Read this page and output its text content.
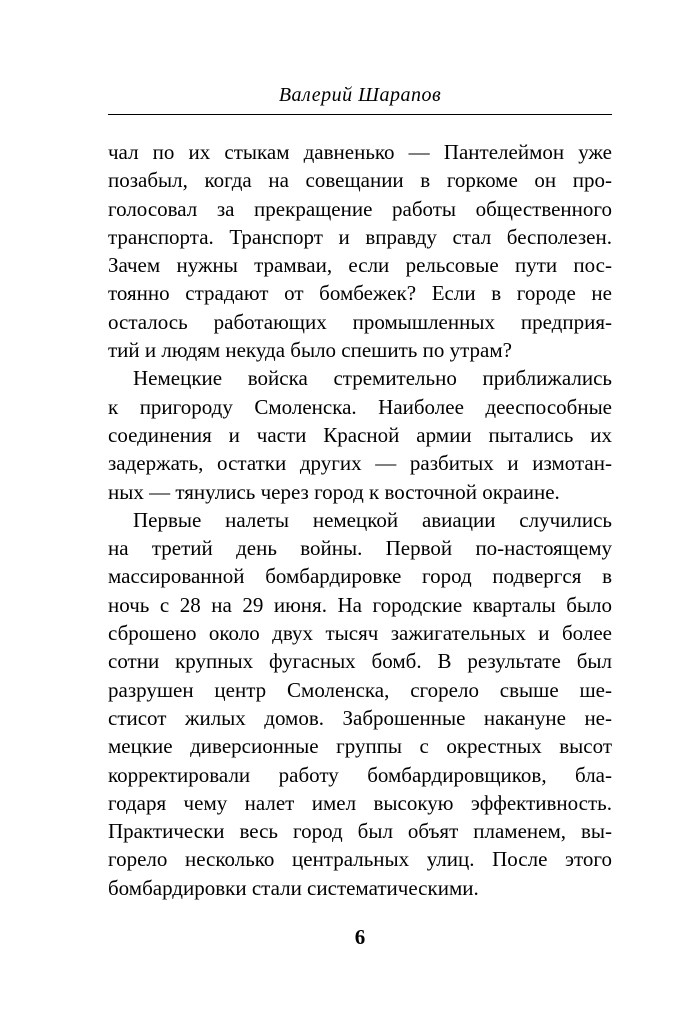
Валерий Шарапов
чал по их стыкам давненько — Пантелеймон уже
позабыл, когда на совещании в горкоме он про-
голосовал за прекращение работы общественного
транспорта. Транспорт и вправду стал бесполезен.
Зачем нужны трамваи, если рельсовые пути пос-
тоянно страдают от бомбежек? Если в городе не
осталось работающих промышленных предприя-
тий и людям некуда было спешить по утрам?
Немецкие войска стремительно приближались
к пригороду Смоленска. Наиболее дееспособные
соединения и части Красной армии пытались их
задержать, остатки других — разбитых и измотан-
ных — тянулись через город к восточной окраине.
Первые налеты немецкой авиации случились
на третий день войны. Первой по-настоящему
массированной бомбардировке город подвергся в
ночь с 28 на 29 июня. На городские кварталы было
сброшено около двух тысяч зажигательных и более
сотни крупных фугасных бомб. В результате был
разрушен центр Смоленска, сгорело свыше ше-
стисот жилых домов. Заброшенные накануне не-
мецкие диверсионные группы с окрестных высот
корректировали работу бомбардировщиков, бла-
годаря чему налет имел высокую эффективность.
Практически весь город был объят пламенем, вы-
горело несколько центральных улиц. После этого
бомбардировки стали систематическими.
6
